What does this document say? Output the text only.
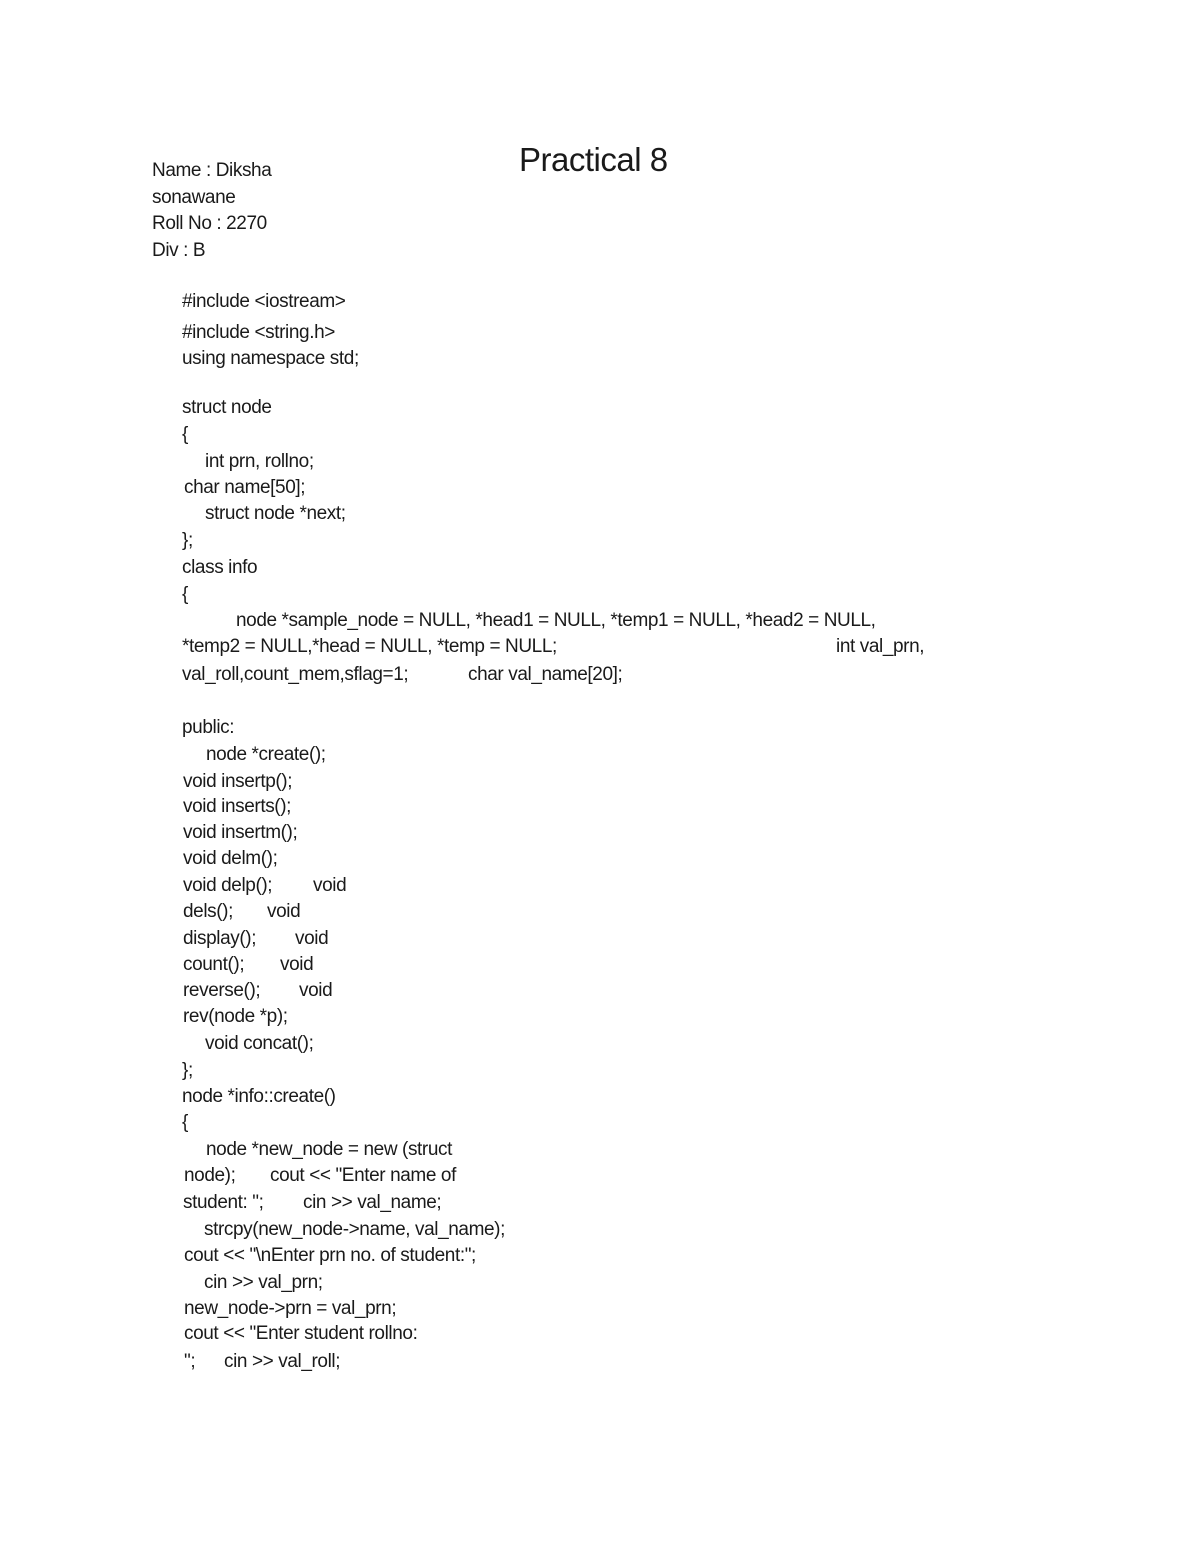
Practical 8
Name : Diksha
sonawane
Roll No : 2270
Div : B
#include <iostream>
#include <string.h>
using namespace std;
struct node
{
int prn, rollno;
char name[50];
struct node *next;
};
class info
{
node *sample_node = NULL, *head1 = NULL, *temp1 = NULL, *head2 = NULL,

*temp2 = NULL,*head = NULL, *temp = NULL;

	int val_prn,

val_roll,count_mem,sflag=1;

	char val_name[20];

public:
node *create();
void insertp();
void inserts();
void insertm();
void delm();

void delp();

void

dels();

void

display();

void

count();

void

reverse();

void

rev(node *p);
void concat();
};
node *info::create()
{
node *new_node = new (struct

node);

cout << "Enter name of

student: ";

cin >> val_name;

strcpy(new_node->name, val_name);
cout << "\nEnter prn no. of student:";
cin >> val_prn;
new_node->prn = val_prn;
cout << "Enter student rollno:

";

cin >> val_roll;
